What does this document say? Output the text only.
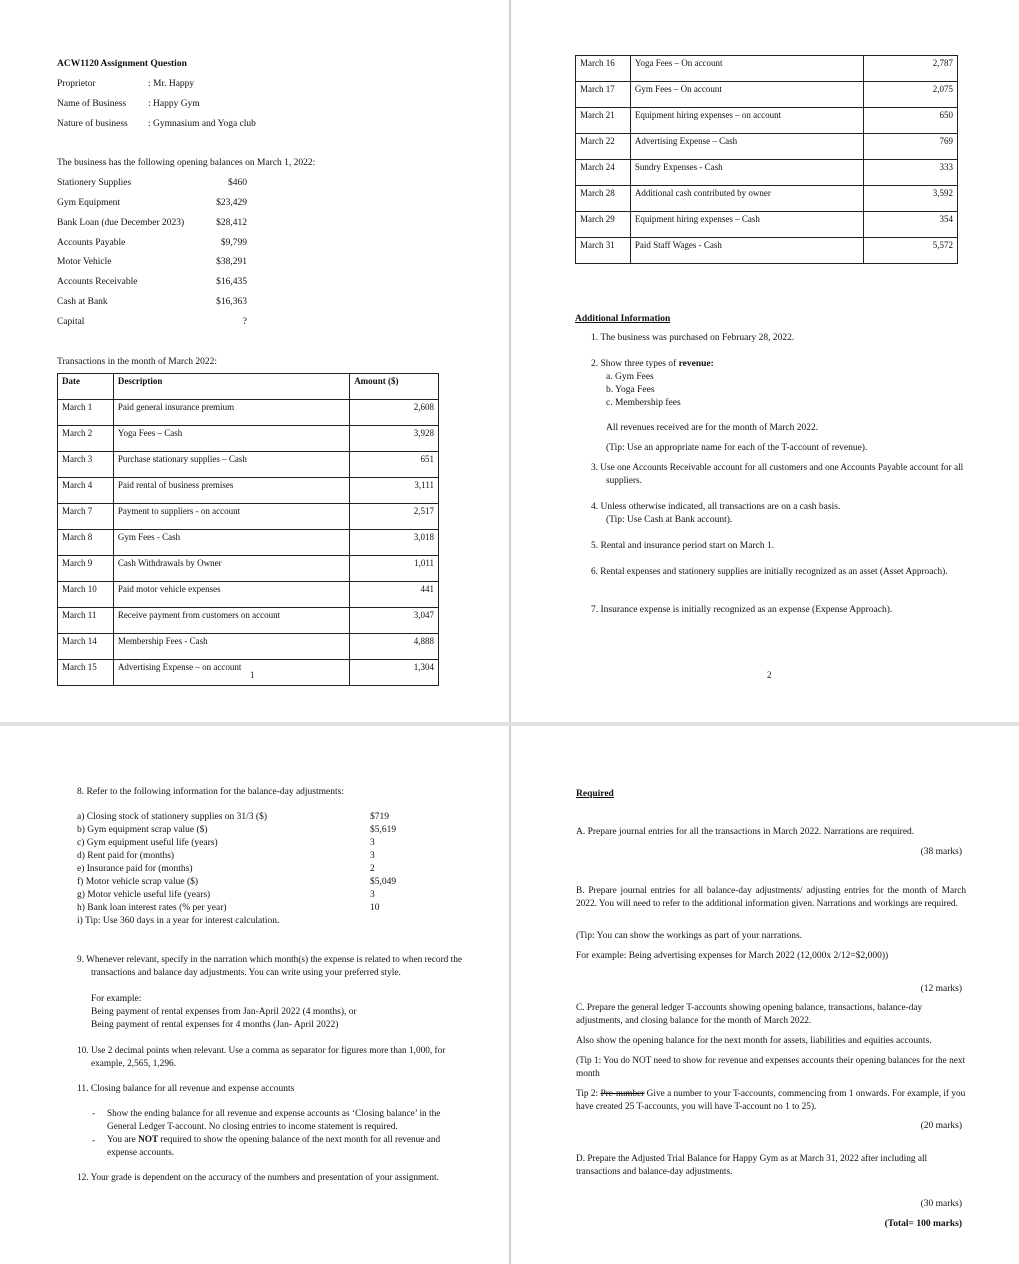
ACW1120 Assignment Question
Proprietor	: Mr. Happy
Name of Business : Happy Gym
Nature of business : Gymnasium and Yoga club
The business has the following opening balances on March 1, 2022:
Stationery Supplies	$460
Gym Equipment	$23,429
Bank Loan (due December 2023)	$28,412
Accounts Payable	$9,799
Motor Vehicle	$38,291
Accounts Receivable	$16,435
Cash at Bank	$16,363
Capital	?
Transactions in the month of March 2022:
Date	Description	Amount ($)
March 1	Paid general insurance premium	2,608
March 2	Yoga Fees – Cash	3,928
March 3	Purchase stationary supplies – Cash	651
March 4	Paid rental of business premises	3,111
March 7	Payment to suppliers - on account	2,517
March 8	Gym Fees - Cash	3,018
March 9	Cash Withdrawals by Owner	1,011
March 10	Paid motor vehicle expenses	441
March 11	Receive payment from customers on account	3,047
March 14	Membership Fees - Cash	4,888
March 15	Advertising Expense – on account	1,304
1
March 16	Yoga Fees – On account	2,787
March 17	Gym Fees – On account	2,075
March 21	Equipment hiring expenses – on account	650
March 22	Advertising Expense – Cash	769
March 24	Sundry Expenses - Cash	333
March 28	Additional cash contributed by owner	3,592
March 29	Equipment hiring expenses – Cash	354
March 31	Paid Staff Wages - Cash	5,572
Additional Information
1. The business was purchased on February 28, 2022.
2. Show three types of revenue:
a. Gym Fees
b. Yoga Fees
c. Membership fees
All revenues received are for the month of March 2022.
(Tip: Use an appropriate name for each of the T-account of revenue).
3. Use one Accounts Receivable account for all customers and one Accounts Payable account for all suppliers.
4. Unless otherwise indicated, all transactions are on a cash basis.
(Tip: Use Cash at Bank account).
5. Rental and insurance period start on March 1.
6. Rental expenses and stationery supplies are initially recognized as an asset (Asset Approach).
7. Insurance expense is initially recognized as an expense (Expense Approach).
2
8. Refer to the following information for the balance-day adjustments:
a) Closing stock of stationery supplies on 31/3 ($)	$719
b) Gym equipment scrap value ($)	$5,619
c) Gym equipment useful life (years)	3
d) Rent paid for (months)	3
e) Insurance paid for (months)	2
f) Motor vehicle scrap value ($)	$5,049
g) Motor vehicle useful life (years)	3
h) Bank loan interest rates (% per year)	10
i) Tip: Use 360 days in a year for interest calculation.
9. Whenever relevant, specify in the narration which month(s) the expense is related to when record the transactions and balance day adjustments. You can write using your preferred style.
For example:
Being payment of rental expenses from Jan-April 2022 (4 months), or
Being payment of rental expenses for 4 months (Jan- April 2022)
10. Use 2 decimal points when relevant. Use a comma as separator for figures more than 1,000, for example, 2,565, 1,296.
11. Closing balance for all revenue and expense accounts
- Show the ending balance for all revenue and expense accounts as ‘Closing balance’ in the General Ledger T-account. No closing entries to income statement is required.
- You are NOT required to show the opening balance of the next month for all revenue and expense accounts.
12. Your grade is dependent on the accuracy of the numbers and presentation of your assignment.
Required
A. Prepare journal entries for all the transactions in March 2022. Narrations are required.
(38 marks)
B. Prepare journal entries for all balance-day adjustments/ adjusting entries for the month of March 2022. You will need to refer to the additional information given. Narrations and workings are required.
(Tip: You can show the workings as part of your narrations.
For example: Being advertising expenses for March 2022 (12,000x 2/12=$2,000))
(12 marks)
C. Prepare the general ledger T-accounts showing opening balance, transactions, balance-day adjustments, and closing balance for the month of March 2022.
Also show the opening balance for the next month for assets, liabilities and equities accounts.
(Tip 1: You do NOT need to show for revenue and expenses accounts their opening balances for the next month
Tip 2: Pre-number Give a number to your T-accounts, commencing from 1 onwards. For example, if you have created 25 T-accounts, you will have T-account no 1 to 25).
(20 marks)
D. Prepare the Adjusted Trial Balance for Happy Gym as at March 31, 2022 after including all transactions and balance-day adjustments.
(30 marks)
(Total= 100 marks)
